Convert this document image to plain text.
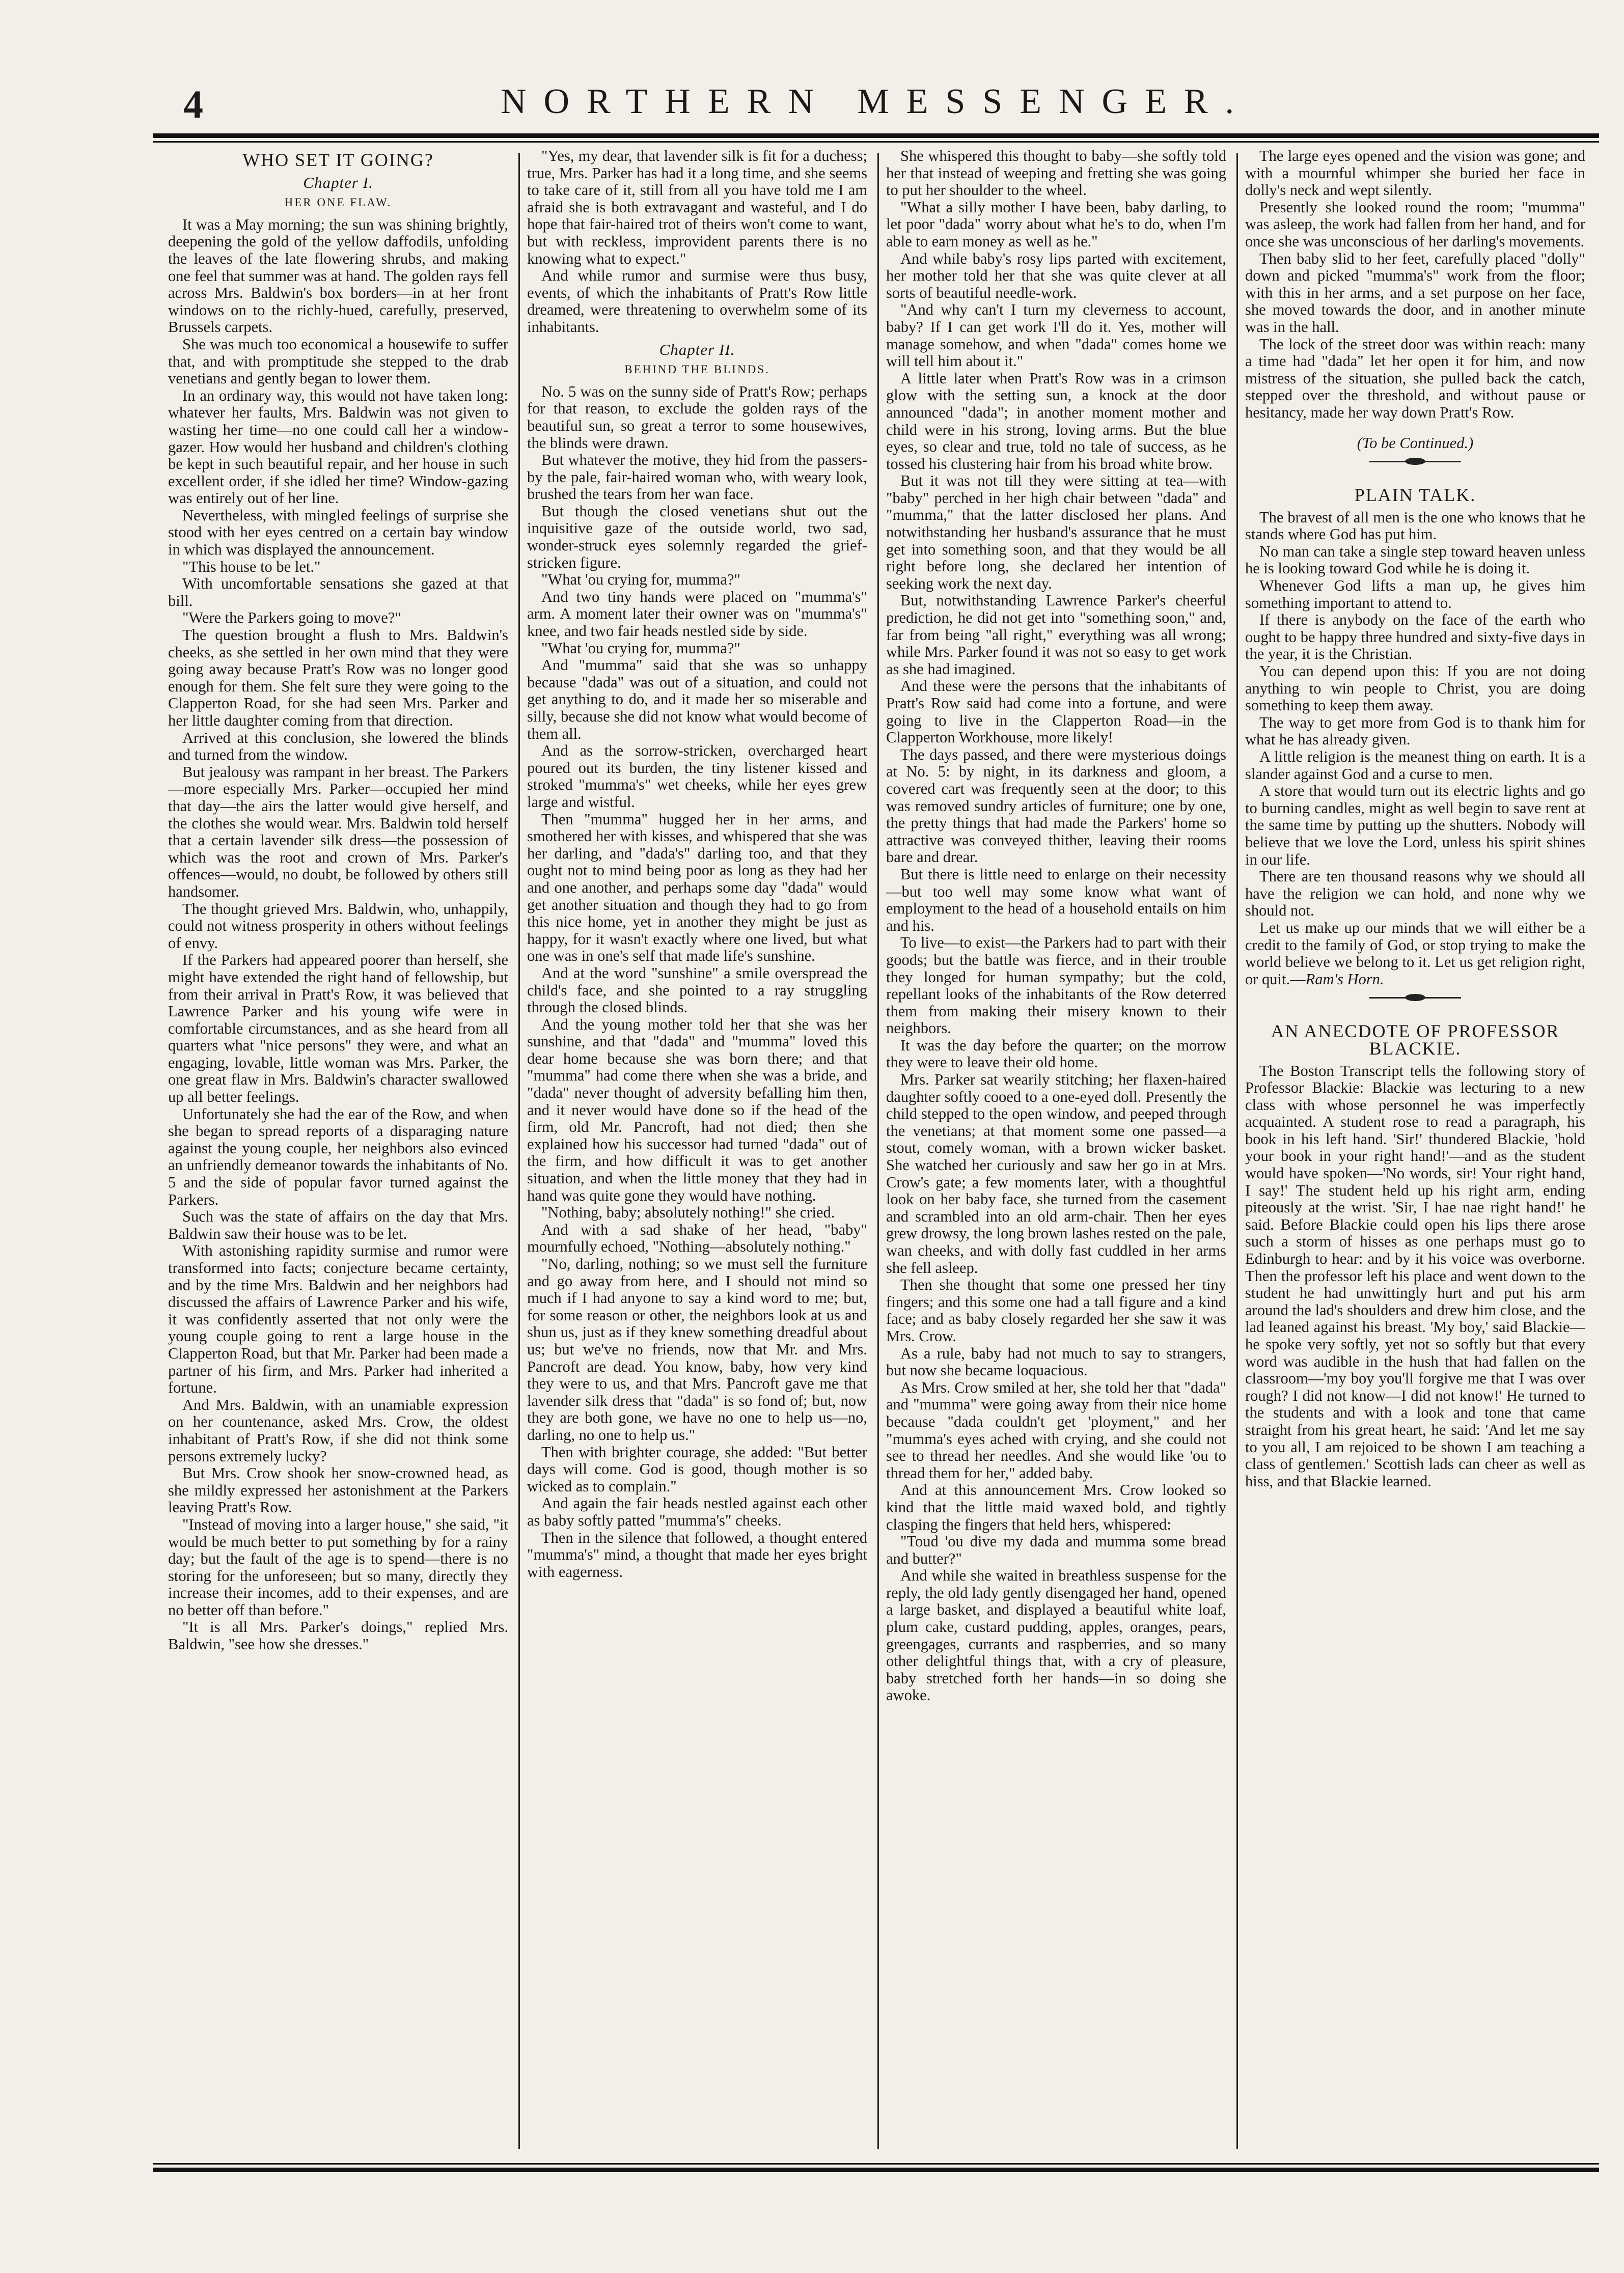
4	NORTHERN MESSENGER.

WHO SET IT GOING?

Chapter I.

HER ONE FLAW.

It was a May morning; the sun was shining brightly, deepening the gold of the yellow daffodils, unfolding the leaves of the late flowering shrubs, and making one feel that summer was at hand. The golden rays fell across Mrs. Baldwin's box borders—in at her front windows on to the richly-hued, carefully, preserved, Brussels carpets.

She was much too economical a housewife to suffer that, and with promptitude she stepped to the drab venetians and gently began to lower them.

In an ordinary way, this would not have taken long: whatever her faults, Mrs. Baldwin was not given to wasting her time—no one could call her a window-gazer. How would her husband and children's clothing be kept in such beautiful repair, and her house in such excellent order, if she idled her time? Window-gazing was entirely out of her line.

Nevertheless, with mingled feelings of surprise she stood with her eyes centred on a certain bay window in which was displayed the announcement.

"This house to be let."

With uncomfortable sensations she gazed at that bill.

"Were the Parkers going to move?"

The question brought a flush to Mrs. Baldwin's cheeks, as she settled in her own mind that they were going away because Pratt's Row was no longer good enough for them. She felt sure they were going to the Clapperton Road, for she had seen Mrs. Parker and her little daughter coming from that direction.

Arrived at this conclusion, she lowered the blinds and turned from the window.

But jealousy was rampant in her breast. The Parkers—more especially Mrs. Parker—occupied her mind that day—the airs the latter would give herself, and the clothes she would wear. Mrs. Baldwin told herself that a certain lavender silk dress—the possession of which was the root and crown of Mrs. Parker's offences—would, no doubt, be followed by others still handsomer.

The thought grieved Mrs. Baldwin, who, unhappily, could not witness prosperity in others without feelings of envy.

If the Parkers had appeared poorer than herself, she might have extended the right hand of fellowship, but from their arrival in Pratt's Row, it was believed that Lawrence Parker and his young wife were in comfortable circumstances, and as she heard from all quarters what "nice persons" they were, and what an engaging, lovable, little woman was Mrs. Parker, the one great flaw in Mrs. Baldwin's character swallowed up all better feelings.

Unfortunately she had the ear of the Row, and when she began to spread reports of a disparaging nature against the young couple, her neighbors also evinced an unfriendly demeanor towards the inhabitants of No. 5 and the side of popular favor turned against the Parkers.

Such was the state of affairs on the day that Mrs. Baldwin saw their house was to be let.

With astonishing rapidity surmise and rumor were transformed into facts; conjecture became certainty, and by the time Mrs. Baldwin and her neighbors had discussed the affairs of Lawrence Parker and his wife, it was confidently asserted that not only were the young couple going to rent a large house in the Clapperton Road, but that Mr. Parker had been made a partner of his firm, and Mrs. Parker had inherited a fortune.

And Mrs. Baldwin, with an unamiable expression on her countenance, asked Mrs. Crow, the oldest inhabitant of Pratt's Row, if she did not think some persons extremely lucky?

But Mrs. Crow shook her snow-crowned head, as she mildly expressed her astonishment at the Parkers leaving Pratt's Row.

"Instead of moving into a larger house," she said, "it would be much better to put something by for a rainy day; but the fault of the age is to spend—there is no storing for the unforeseen; but so many, directly they increase their incomes, add to their expenses, and are no better off than before."

"It is all Mrs. Parker's doings," replied Mrs. Baldwin, "see how she dresses."

"Yes, my dear, that lavender silk is fit for a duchess; true, Mrs. Parker has had it a long time, and she seems to take care of it, still from all you have told me I am afraid she is both extravagant and wasteful, and I do hope that fair-haired trot of theirs won't come to want, but with reckless, improvident parents there is no knowing what to expect."

And while rumor and surmise were thus busy, events, of which the inhabitants of Pratt's Row little dreamed, were threatening to overwhelm some of its inhabitants.

Chapter II.

BEHIND THE BLINDS.

No. 5 was on the sunny side of Pratt's Row; perhaps for that reason, to exclude the golden rays of the beautiful sun, so great a terror to some housewives, the blinds were drawn.

But whatever the motive, they hid from the passers-by the pale, fair-haired woman who, with weary look, brushed the tears from her wan face.

But though the closed venetians shut out the inquisitive gaze of the outside world, two sad, wonder-struck eyes solemnly regarded the grief-stricken figure.

"What 'ou crying for, mumma?"

And two tiny hands were placed on "mumma's" arm. A moment later their owner was on "mumma's" knee, and two fair heads nestled side by side.

"What 'ou crying for, mumma?"

And "mumma" said that she was so unhappy because "dada" was out of a situation, and could not get anything to do, and it made her so miserable and silly, because she did not know what would become of them all.

And as the sorrow-stricken, overcharged heart poured out its burden, the tiny listener kissed and stroked "mumma's" wet cheeks, while her eyes grew large and wistful.

Then "mumma" hugged her in her arms, and smothered her with kisses, and whispered that she was her darling, and "dada's" darling too, and that they ought not to mind being poor as long as they had her and one another, and perhaps some day "dada" would get another situation and though they had to go from this nice home, yet in another they might be just as happy, for it wasn't exactly where one lived, but what one was in one's self that made life's sunshine.

And at the word "sunshine" a smile overspread the child's face, and she pointed to a ray struggling through the closed blinds.

And the young mother told her that she was her sunshine, and that "dada" and "mumma" loved this dear home because she was born there; and that "mumma" had come there when she was a bride, and "dada" never thought of adversity befalling him then, and it never would have done so if the head of the firm, old Mr. Pancroft, had not died; then she explained how his successor had turned "dada" out of the firm, and how difficult it was to get another situation, and when the little money that they had in hand was quite gone they would have nothing.

"Nothing, baby; absolutely nothing!" she cried.

And with a sad shake of her head, "baby" mournfully echoed, "Nothing—absolutely nothing."

"No, darling, nothing; so we must sell the furniture and go away from here, and I should not mind so much if I had anyone to say a kind word to me; but, for some reason or other, the neighbors look at us and shun us, just as if they knew something dreadful about us; but we've no friends, now that Mr. and Mrs. Pancroft are dead. You know, baby, how very kind they were to us, and that Mrs. Pancroft gave me that lavender silk dress that "dada" is so fond of; but, now they are both gone, we have no one to help us—no, darling, no one to help us."

Then with brighter courage, she added: "But better days will come. God is good, though mother is so wicked as to complain."

And again the fair heads nestled against each other as baby softly patted "mumma's" cheeks.

Then in the silence that followed, a thought entered "mumma's" mind, a thought that made her eyes bright with eagerness.

She whispered this thought to baby—she softly told her that instead of weeping and fretting she was going to put her shoulder to the wheel.

"What a silly mother I have been, baby darling, to let poor "dada" worry about what he's to do, when I'm able to earn money as well as he."

And while baby's rosy lips parted with excitement, her mother told her that she was quite clever at all sorts of beautiful needle-work.

"And why can't I turn my cleverness to account, baby? If I can get work I'll do it. Yes, mother will manage somehow, and when "dada" comes home we will tell him about it."

A little later when Pratt's Row was in a crimson glow with the setting sun, a knock at the door announced "dada"; in another moment mother and child were in his strong, loving arms. But the blue eyes, so clear and true, told no tale of success, as he tossed his clustering hair from his broad white brow.

But it was not till they were sitting at tea—with "baby" perched in her high chair between "dada" and "mumma," that the latter disclosed her plans. And notwithstanding her husband's assurance that he must get into something soon, and that they would be all right before long, she declared her intention of seeking work the next day.

But, notwithstanding Lawrence Parker's cheerful prediction, he did not get into "something soon," and, far from being "all right," everything was all wrong; while Mrs. Parker found it was not so easy to get work as she had imagined.

And these were the persons that the inhabitants of Pratt's Row said had come into a fortune, and were going to live in the Clapperton Road—in the Clapperton Workhouse, more likely!

The days passed, and there were mysterious doings at No. 5: by night, in its darkness and gloom, a covered cart was frequently seen at the door; to this was removed sundry articles of furniture; one by one, the pretty things that had made the Parkers' home so attractive was conveyed thither, leaving their rooms bare and drear.

But there is little need to enlarge on their necessity—but too well may some know what want of employment to the head of a household entails on him and his.

To live—to exist—the Parkers had to part with their goods; but the battle was fierce, and in their trouble they longed for human sympathy; but the cold, repellant looks of the inhabitants of the Row deterred them from making their misery known to their neighbors.

It was the day before the quarter; on the morrow they were to leave their old home.

Mrs. Parker sat wearily stitching; her flaxen-haired daughter softly cooed to a one-eyed doll. Presently the child stepped to the open window, and peeped through the venetians; at that moment some one passed—a stout, comely woman, with a brown wicker basket. She watched her curiously and saw her go in at Mrs. Crow's gate; a few moments later, with a thoughtful look on her baby face, she turned from the casement and scrambled into an old arm-chair. Then her eyes grew drowsy, the long brown lashes rested on the pale, wan cheeks, and with dolly fast cuddled in her arms she fell asleep.

Then she thought that some one pressed her tiny fingers; and this some one had a tall figure and a kind face; and as baby closely regarded her she saw it was Mrs. Crow.

As a rule, baby had not much to say to strangers, but now she became loquacious.

As Mrs. Crow smiled at her, she told her that "dada" and "mumma" were going away from their nice home because "dada couldn't get 'ployment," and her "mumma's eyes ached with crying, and she could not see to thread her needles. And she would like 'ou to thread them for her," added baby.

And at this announcement Mrs. Crow looked so kind that the little maid waxed bold, and tightly clasping the fingers that held hers, whispered:

"Toud 'ou dive my dada and mumma some bread and butter?"

And while she waited in breathless suspense for the reply, the old lady gently disengaged her hand, opened a large basket, and displayed a beautiful white loaf, plum cake, custard pudding, apples, oranges, pears, greengages, currants and raspberries, and so many other delightful things that, with a cry of pleasure, baby stretched forth her hands—in so doing she awoke.

The large eyes opened and the vision was gone; and with a mournful whimper she buried her face in dolly's neck and wept silently.

Presently she looked round the room; "mumma" was asleep, the work had fallen from her hand, and for once she was unconscious of her darling's movements.

Then baby slid to her feet, carefully placed "dolly" down and picked "mumma's" work from the floor; with this in her arms, and a set purpose on her face, she moved towards the door, and in another minute was in the hall.

The lock of the street door was within reach: many a time had "dada" let her open it for him, and now mistress of the situation, she pulled back the catch, stepped over the threshold, and without pause or hesitancy, made her way down Pratt's Row.

(To be Continued.)

PLAIN TALK.

The bravest of all men is the one who knows that he stands where God has put him.

No man can take a single step toward heaven unless he is looking toward God while he is doing it.

Whenever God lifts a man up, he gives him something important to attend to.

If there is anybody on the face of the earth who ought to be happy three hundred and sixty-five days in the year, it is the Christian.

You can depend upon this: If you are not doing anything to win people to Christ, you are doing something to keep them away.

The way to get more from God is to thank him for what he has already given.

A little religion is the meanest thing on earth. It is a slander against God and a curse to men.

A store that would turn out its electric lights and go to burning candles, might as well begin to save rent at the same time by putting up the shutters. Nobody will believe that we love the Lord, unless his spirit shines in our life.

There are ten thousand reasons why we should all have the religion we can hold, and none why we should not.

Let us make up our minds that we will either be a credit to the family of God, or stop trying to make the world believe we belong to it. Let us get religion right, or quit.—Ram's Horn.

AN ANECDOTE OF PROFESSOR BLACKIE.

The Boston Transcript tells the following story of Professor Blackie: Blackie was lecturing to a new class with whose personnel he was imperfectly acquainted. A student rose to read a paragraph, his book in his left hand. 'Sir!' thundered Blackie, 'hold your book in your right hand!'—and as the student would have spoken—'No words, sir! Your right hand, I say!' The student held up his right arm, ending piteously at the wrist. 'Sir, I hae nae right hand!' he said. Before Blackie could open his lips there arose such a storm of hisses as one perhaps must go to Edinburgh to hear: and by it his voice was overborne. Then the professor left his place and went down to the student he had unwittingly hurt and put his arm around the lad's shoulders and drew him close, and the lad leaned against his breast. 'My boy,' said Blackie—he spoke very softly, yet not so softly but that every word was audible in the hush that had fallen on the classroom—'my boy you'll forgive me that I was over rough? I did not know—I did not know!' He turned to the students and with a look and tone that came straight from his great heart, he said: 'And let me say to you all, I am rejoiced to be shown I am teaching a class of gentlemen.' Scottish lads can cheer as well as hiss, and that Blackie learned.
